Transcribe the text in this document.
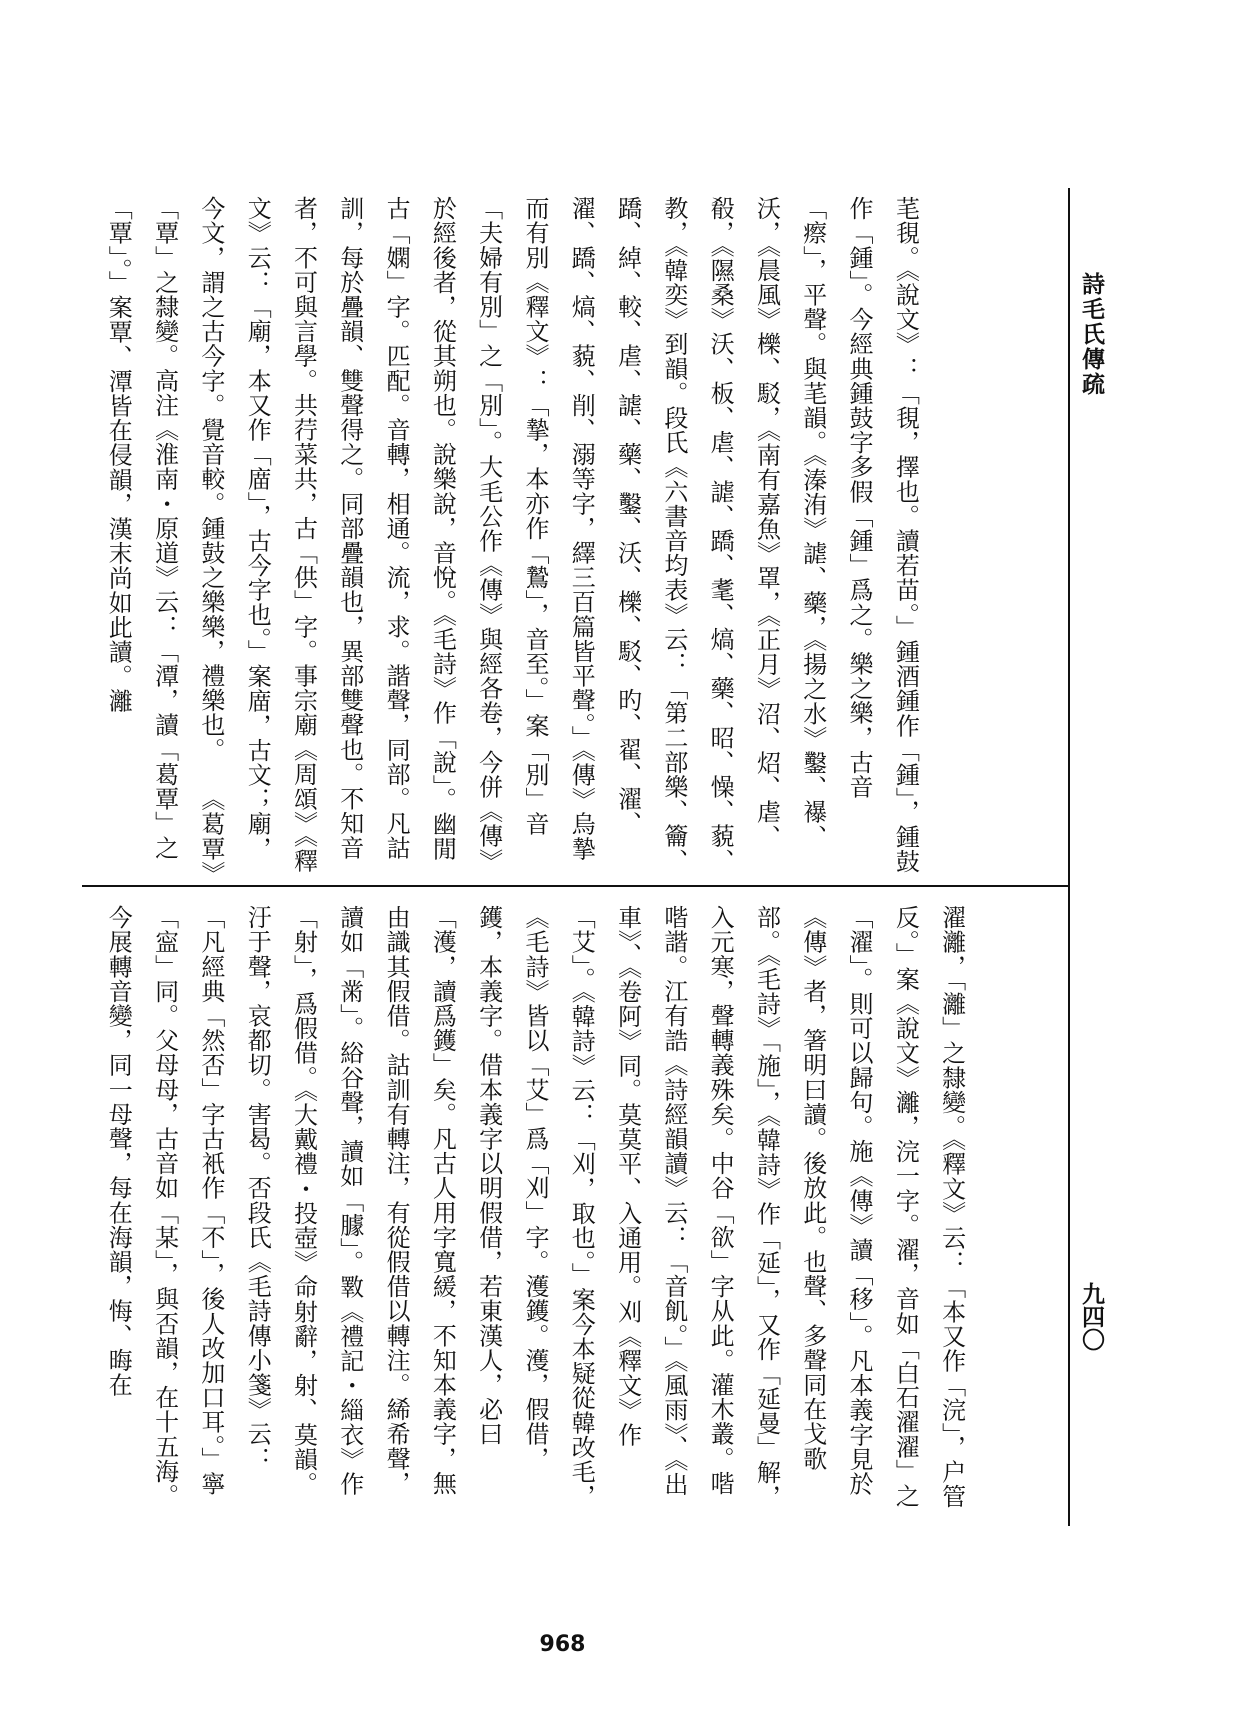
詩毛氏傳疏
九四〇
芼覒。《說文》：「覒，擇也。讀若苗。」鍾酒鍾作「鍾」，鍾鼓作「鍾」。今經典鍾鼓字多假「鍾」爲之。樂之樂，古音「瘵」，平聲。與芼韻。《溱洧》謔、藥，《揚之水》鑿、襮、沃，《晨風》櫟、駁，《南有嘉魚》罩，《正月》沼、炤、虐、殽，《隰桑》沃、板、虐、謔、蹻、耄、熇、藥、昭、懆、藐、教，《韓奕》到韻。段氏《六書音均表》云：「第二部樂、籥、蹻、綽、較、虐、謔、藥、鑿、沃、櫟、駁、旳、翟、濯、濯、蹻、熇、藐、削、溺等字，繹三百篇皆平聲。」《傳》烏摯而有別《釋文》：「摯，本亦作「鷙」，音至。」案「別」音「夫婦有別」之「別」。大毛公作《傳》與經各卷，今併《傳》於經後者，從其朔也。說樂說，音悅。《毛詩》作「說」。幽閒古「嫻」字。匹配。音轉，相通。流，求。諧聲，同部。凡詁訓，每於疊韻、雙聲得之。同部疊韻也，異部雙聲也。不知音者，不可與言學。共荇菜共，古「供」字。事宗廟《周頌》《釋文》云：「廟，本又作「庿」，古今字也。」案庿，古文；廟，今文，謂之古今字。覺音較。鍾鼓之樂樂，禮樂也。　　《葛覃》「覃」之隸變。高注《淮南・原道》云：「潭，讀「葛覃」之「覃」。」案覃、潭皆在侵韻，漢末尚如此讀。灕
濯灕，「灕」之隸變。《釋文》云：「本又作「浣」，户管反。」案《說文》灕，浣一字。濯，音如「白石濯濯」之「濯」。則可以歸句。施《傳》讀「移」。凡本義字見於《傳》者，箸明曰讀。後放此。也聲、多聲同在戈歌部。《毛詩》「施」，《韓詩》作「延」，又作「延曼」解，入元寒，聲轉義殊矣。中谷「欲」字从此。灌木叢。喈喈諧。江有誥《詩經韻讀》云：「音飢。」《風雨》、《出車》、《卷阿》同。莫莫平、入通用。刈《釋文》作「艾」。《韓詩》云：「刈，取也。」案今本疑從韓改毛，《毛詩》皆以「艾」爲「刈」字。濩鑊。濩，假借，鑊，本義字。借本義字以明假借，若東漢人，必曰「濩，讀爲鑊」矣。凡古人用字寬緩，不知本義字，無由識其假借。詁訓有轉注，有從假借以轉注。絺希聲，讀如「黹」。綌谷聲，讀如「臄」。斁《禮記・緇衣》作「射」，爲假借。《大戴禮・投壺》命射辭，射、莫韻。汙于聲，哀都切。害曷。否段氏《毛詩傳小箋》云：「凡經典「然否」字古衹作「不」，後人改加口耳。」寧「寍」同。父母母，古音如「某」，與否韻，在十五海。今展轉音變，同一母聲，每在海韻，悔、晦在
968
